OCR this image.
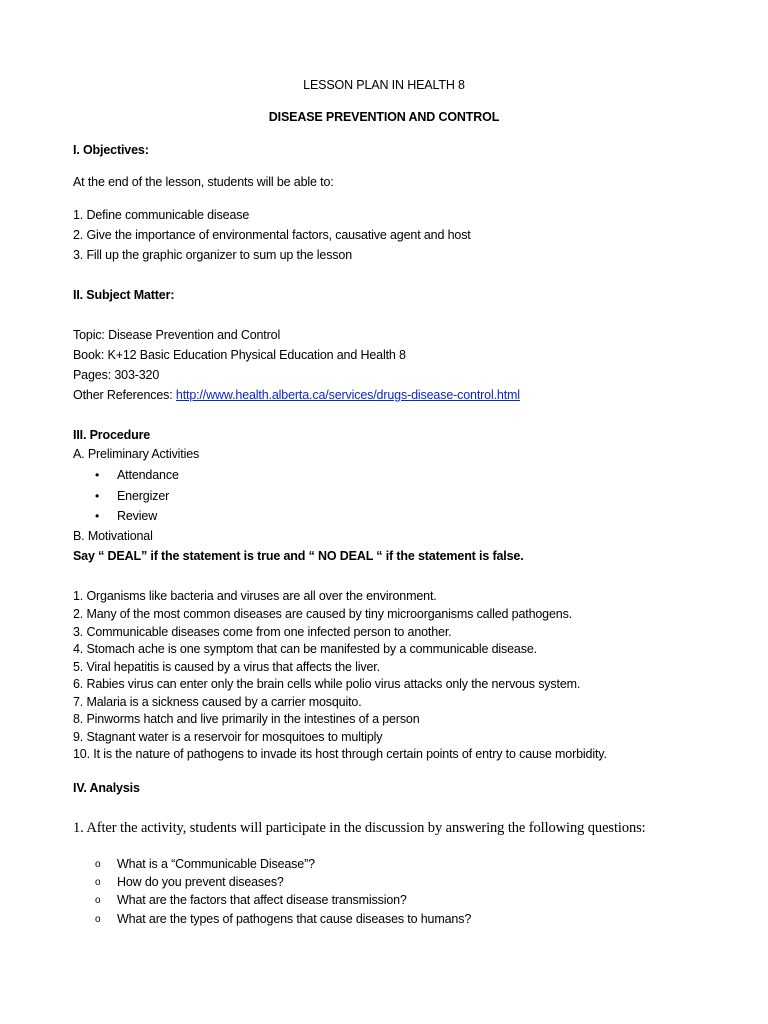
LESSON PLAN IN HEALTH 8
DISEASE PREVENTION AND CONTROL
I. Objectives:
At the end of the lesson, students will be able to:
1. Define communicable disease
2. Give the importance of environmental factors, causative agent and host
3. Fill up the graphic organizer to sum up the lesson
II. Subject Matter:
Topic: Disease Prevention and Control
Book: K+12 Basic Education Physical Education and Health 8
Pages: 303-320
Other References: http://www.health.alberta.ca/services/drugs-disease-control.html
III. Procedure
A. Preliminary Activities
• Attendance
• Energizer
• Review
B. Motivational
Say “ DEAL” if the statement is true and “ NO DEAL “ if the statement is false.
1. Organisms like bacteria and viruses are all over the environment.
2. Many of the most common diseases are caused by tiny microorganisms called pathogens.
3. Communicable diseases come from one infected person to another.
4. Stomach ache is one symptom that can be manifested by a communicable disease.
5. Viral hepatitis is caused by a virus that affects the liver.
6. Rabies virus can enter only the brain cells while polio virus attacks only the nervous system.
7. Malaria is a sickness caused by a carrier mosquito.
8. Pinworms hatch and live primarily in the intestines of a person
9. Stagnant water is a reservoir for mosquitoes to multiply
10. It is the nature of pathogens to invade its host through certain points of entry to cause morbidity.
IV. Analysis
1. After the activity, students will participate in the discussion by answering the following questions:
o What is a “Communicable Disease”?
o How do you prevent diseases?
o What are the factors that affect disease transmission?
o What are the types of pathogens that cause diseases to humans?
